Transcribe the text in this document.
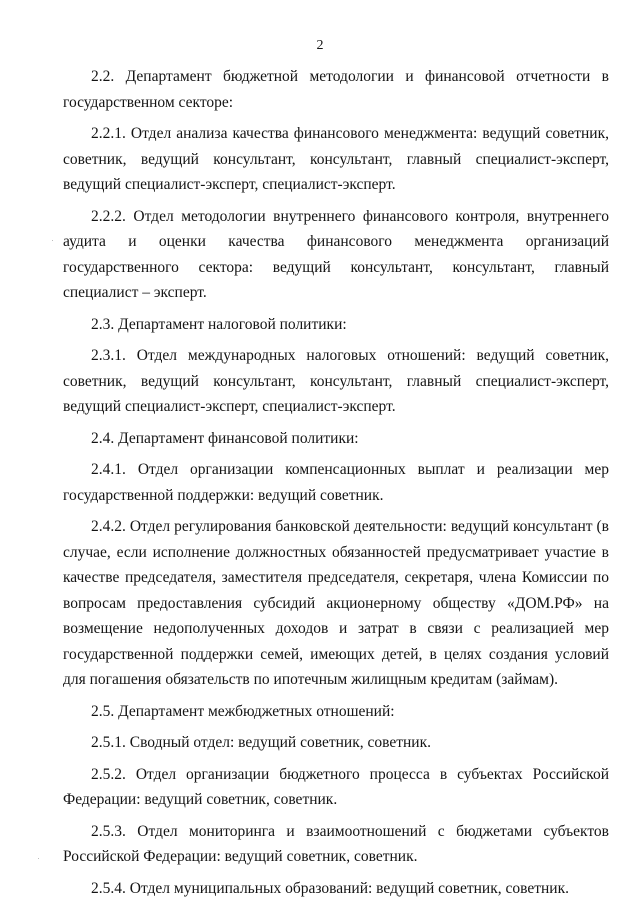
2

2.2. Департамент бюджетной методологии и финансовой отчетности в государственном секторе:

2.2.1. Отдел анализа качества финансового менеджмента: ведущий советник, советник, ведущий консультант, консультант, главный специалист-эксперт, ведущий специалист-эксперт, специалист-эксперт.

2.2.2. Отдел методологии внутреннего финансового контроля, внутреннего аудита и оценки качества финансового менеджмента организаций государственного сектора: ведущий консультант, консультант, главный специалист – эксперт.

2.3. Департамент налоговой политики:

2.3.1. Отдел международных налоговых отношений: ведущий советник, советник, ведущий консультант, консультант, главный специалист-эксперт, ведущий специалист-эксперт, специалист-эксперт.

2.4. Департамент финансовой политики:

2.4.1. Отдел организации компенсационных выплат и реализации мер государственной поддержки: ведущий советник.

2.4.2. Отдел регулирования банковской деятельности: ведущий консультант (в случае, если исполнение должностных обязанностей предусматривает участие в качестве председателя, заместителя председателя, секретаря, члена Комиссии по вопросам предоставления субсидий акционерному обществу «ДОМ.РФ» на возмещение недополученных доходов и затрат в связи с реализацией мер государственной поддержки семей, имеющих детей, в целях создания условий для погашения обязательств по ипотечным жилищным кредитам (займам).

2.5. Департамент межбюджетных отношений:

2.5.1. Сводный отдел: ведущий советник, советник.

2.5.2. Отдел организации бюджетного процесса в субъектах Российской Федерации: ведущий советник, советник.

2.5.3. Отдел мониторинга и взаимоотношений с бюджетами субъектов Российской Федерации: ведущий советник, советник.

2.5.4. Отдел муниципальных образований: ведущий советник, советник.
